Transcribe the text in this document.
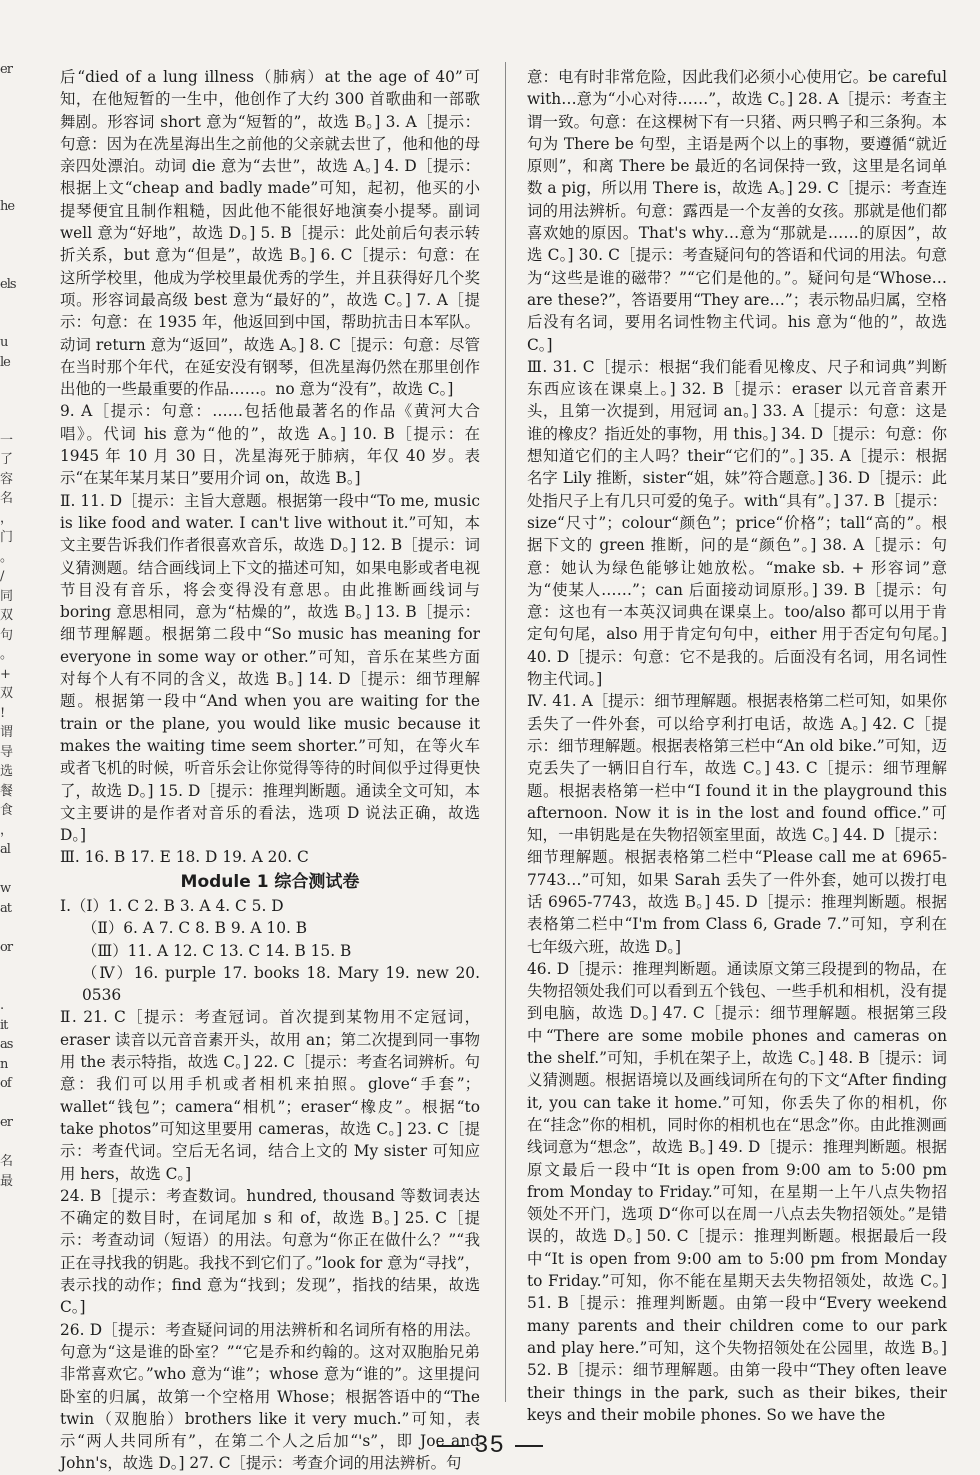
er

he

els

u
le

一
了
容
名
，
门
。
/
同
双
句
。
+
双
!
谓
导
选
餐
食
，
al

w
at

or

.
it
as
n
of

er

名
最

后“died of a lung illness（肺病）at the age of 40”可知，在他短暂的一生中，他创作了大约 300 首歌曲和一部歌舞剧。形容词 short 意为“短暂的”，故选 B。] 3. A［提示：句意：因为在冼星海出生之前他的父亲就去世了，他和他的母亲四处漂泊。动词 die 意为“去世”，故选 A。] 4. D［提示：根据上文“cheap and badly made”可知，起初，他买的小提琴便宜且制作粗糙，因此他不能很好地演奏小提琴。副词 well 意为“好地”，故选 D。] 5. B［提示：此处前后句表示转折关系，but 意为“但是”，故选 B。] 6. C［提示：句意：在这所学校里，他成为学校里最优秀的学生，并且获得好几个奖项。形容词最高级 best 意为“最好的”，故选 C。] 7. A［提示：句意：在 1935 年，他返回到中国，帮助抗击日本军队。动词 return 意为“返回”，故选 A。] 8. C［提示：句意：尽管在当时那个年代，在延安没有钢琴，但冼星海仍然在那里创作出他的一些最重要的作品……。no 意为“没有”，故选 C。]

9. A［提示：句意：……包括他最著名的作品《黄河大合唱》。代词 his 意为“他的”，故选 A。] 10. B［提示：在 1945 年 10 月 30 日，冼星海死于肺病，年仅 40 岁。表示“在某年某月某日”要用介词 on，故选 B。]

Ⅱ. 11. D［提示：主旨大意题。根据第一段中“To me, music is like food and water. I can't live without it.”可知，本文主要告诉我们作者很喜欢音乐，故选 D。] 12. B［提示：词义猜测题。结合画线词上下文的描述可知，如果电影或者电视节目没有音乐，将会变得没有意思。由此推断画线词与 boring 意思相同，意为“枯燥的”，故选 B。] 13. B［提示：细节理解题。根据第二段中“So music has meaning for everyone in some way or other.”可知，音乐在某些方面对每个人有不同的含义，故选 B。] 14. D［提示：细节理解题。根据第一段中“And when you are waiting for the train or the plane, you would like music because it makes the waiting time seem shorter.”可知，在等火车或者飞机的时候，听音乐会让你觉得等待的时间似乎过得更快了，故选 D。] 15. D［提示：推理判断题。通读全文可知，本文主要讲的是作者对音乐的看法，选项 D 说法正确，故选 D。]

Ⅲ. 16. B 17. E 18. D 19. A 20. C

Module 1 综合测试卷

Ⅰ.（Ⅰ）1. C 2. B 3. A 4. C 5. D

（Ⅱ）6. A 7. C 8. B 9. A 10. B

（Ⅲ）11. A 12. C 13. C 14. B 15. B

（Ⅳ）16. purple 17. books 18. Mary 19. new 20. 0536

Ⅱ. 21. C［提示：考查冠词。首次提到某物用不定冠词，eraser 读音以元音音素开头，故用 an；第二次提到同一事物用 the 表示特指，故选 C。] 22. C［提示：考查名词辨析。句意：我们可以用手机或者相机来拍照。glove“手套”；wallet“钱包”；camera“相机”；eraser“橡皮”。根据“to take photos”可知这里要用 cameras，故选 C。] 23. C［提示：考查代词。空后无名词，结合上文的 My sister 可知应用 hers，故选 C。]

24. B［提示：考查数词。hundred, thousand 等数词表达不确定的数目时，在词尾加 s 和 of，故选 B。] 25. C［提示：考查动词（短语）的用法。句意为“你正在做什么？”“我正在寻找我的钥匙。我找不到它们了。”look for 意为“寻找”，表示找的动作；find 意为“找到；发现”，指找的结果，故选 C。]

26. D［提示：考查疑问词的用法辨析和名词所有格的用法。句意为“这是谁的卧室？”“它是乔和约翰的。这对双胞胎兄弟非常喜欢它。”who 意为“谁”；whose 意为“谁的”。这里提问卧室的归属，故第一个空格用 Whose；根据答语中的“The twin（双胞胎）brothers like it very much.”可知，表示“两人共同所有”，在第二个人之后加“'s”，即 Joe and John's，故选 D。] 27. C［提示：考查介词的用法辨析。句

意：电有时非常危险，因此我们必须小心使用它。be careful with…意为“小心对待……”，故选 C。] 28. A［提示：考查主谓一致。句意：在这棵树下有一只猪、两只鸭子和三条狗。本句为 There be 句型，主语是两个以上的事物，要遵循“就近原则”，和离 There be 最近的名词保持一致，这里是名词单数 a pig，所以用 There is，故选 A。] 29. C［提示：考查连词的用法辨析。句意：露西是一个友善的女孩。那就是他们都喜欢她的原因。That's why…意为“那就是……的原因”，故选 C。] 30. C［提示：考查疑问句的答语和代词的用法。句意为“这些是谁的磁带？”“它们是他的。”。疑问句是“Whose…are these?”，答语要用“They are…”；表示物品归属，空格后没有名词，要用名词性物主代词。his 意为“他的”，故选 C。]

Ⅲ. 31. C［提示：根据“我们能看见橡皮、尺子和词典”判断东西应该在课桌上。] 32. B［提示：eraser 以元音音素开头，且第一次提到，用冠词 an。] 33. A［提示：句意：这是谁的橡皮？指近处的事物，用 this。] 34. D［提示：句意：你想知道它们的主人吗？their“它们的”。] 35. A［提示：根据名字 Lily 推断，sister“姐，妹”符合题意。] 36. D［提示：此处指尺子上有几只可爱的兔子。with“具有”。] 37. B［提示：size“尺寸”；colour“颜色”；price“价格”；tall“高的”。根据下文的 green 推断，问的是“颜色”。] 38. A［提示：句意：她认为绿色能够让她放松。“make sb. + 形容词”意为“使某人……”；can 后面接动词原形。] 39. B［提示：句意：这也有一本英汉词典在课桌上。too/also 都可以用于肯定句句尾，also 用于肯定句句中，either 用于否定句句尾。] 40. D［提示：句意：它不是我的。后面没有名词，用名词性物主代词。]

Ⅳ. 41. A［提示：细节理解题。根据表格第二栏可知，如果你丢失了一件外套，可以给亨利打电话，故选 A。] 42. C［提示：细节理解题。根据表格第三栏中“An old bike.”可知，迈克丢失了一辆旧自行车，故选 C。] 43. C［提示：细节理解题。根据表格第一栏中“I found it in the playground this afternoon. Now it is in the lost and found office.”可知，一串钥匙是在失物招领室里面，故选 C。] 44. D［提示：细节理解题。根据表格第二栏中“Please call me at 6965-7743…”可知，如果 Sarah 丢失了一件外套，她可以拨打电话 6965-7743，故选 B。] 45. D［提示：推理判断题。根据表格第二栏中“I'm from Class 6, Grade 7.”可知，亨利在七年级六班，故选 D。]

46. D［提示：推理判断题。通读原文第三段提到的物品，在失物招领处我们可以看到五个钱包、一些手机和相机，没有提到电脑，故选 D。] 47. C［提示：细节理解题。根据第三段中“There are some mobile phones and cameras on the shelf.”可知，手机在架子上，故选 C。] 48. B［提示：词义猜测题。根据语境以及画线词所在句的下文“After finding it, you can take it home.”可知，你丢失了你的相机，你在“挂念”你的相机，同时你的相机也在“思念”你。由此推测画线词意为“想念”，故选 B。] 49. D［提示：推理判断题。根据原文最后一段中“It is open from 9:00 am to 5:00 pm from Monday to Friday.”可知，在星期一上午八点失物招领处不开门，选项 D“你可以在周一八点去失物招领处。”是错误的，故选 D。] 50. C［提示：推理判断题。根据最后一段中“It is open from 9:00 am to 5:00 pm from Monday to Friday.”可知，你不能在星期天去失物招领处，故选 C。] 51. B［提示：推理判断题。由第一段中“Every weekend many parents and their children come to our park and play here.”可知，这个失物招领处在公园里，故选 B。] 52. B［提示：细节理解题。由第一段中“They often leave their things in the park, such as their bikes, their keys and their mobile phones. So we have the

35
